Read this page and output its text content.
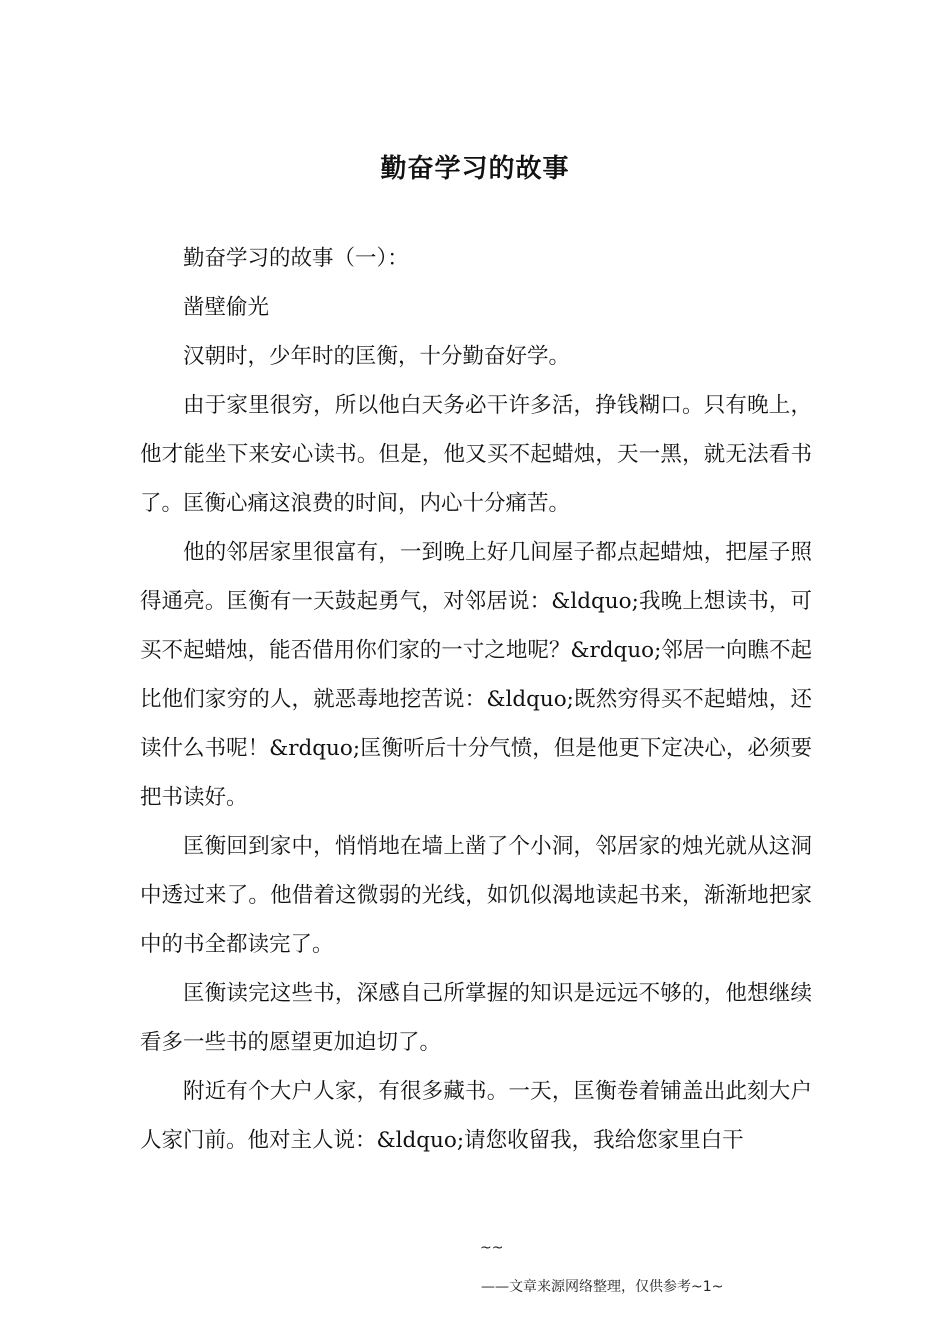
勤奋学习的故事

勤奋学习的故事（一）：

凿壁偷光

汉朝时，少年时的匡衡，十分勤奋好学。

由于家里很穷，所以他白天务必干许多活，挣钱糊口。只有晚上，他才能坐下来安心读书。但是，他又买不起蜡烛，天一黑，就无法看书了。匡衡心痛这浪费的时间，内心十分痛苦。

他的邻居家里很富有，一到晚上好几间屋子都点起蜡烛，把屋子照得通亮。匡衡有一天鼓起勇气，对邻居说：&ldquo;我晚上想读书，可买不起蜡烛，能否借用你们家的一寸之地呢？&rdquo;邻居一向瞧不起比他们家穷的人，就恶毒地挖苦说：&ldquo;既然穷得买不起蜡烛，还读什么书呢！&rdquo;匡衡听后十分气愤，但是他更下定决心，必须要把书读好。

匡衡回到家中，悄悄地在墙上凿了个小洞，邻居家的烛光就从这洞中透过来了。他借着这微弱的光线，如饥似渴地读起书来，渐渐地把家中的书全都读完了。

匡衡读完这些书，深感自己所掌握的知识是远远不够的，他想继续看多一些书的愿望更加迫切了。

附近有个大户人家，有很多藏书。一天，匡衡卷着铺盖出此刻大户人家门前。他对主人说：&ldquo;请您收留我，我给您家里白干

~~
——文章来源网络整理，仅供参考~1~
